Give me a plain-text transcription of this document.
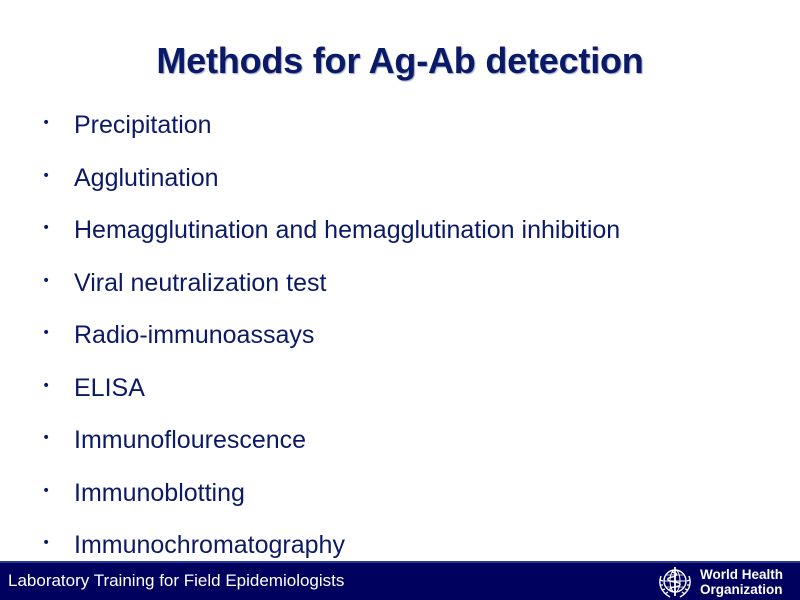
Methods for Ag-Ab detection
• Precipitation
• Agglutination
• Hemagglutination and hemagglutination inhibition
• Viral neutralization test
• Radio-immunoassays
• ELISA
• Immunoflourescence
• Immunoblotting
• Immunochromatography
Laboratory Training for Field Epidemiologists	World Health
Organization
